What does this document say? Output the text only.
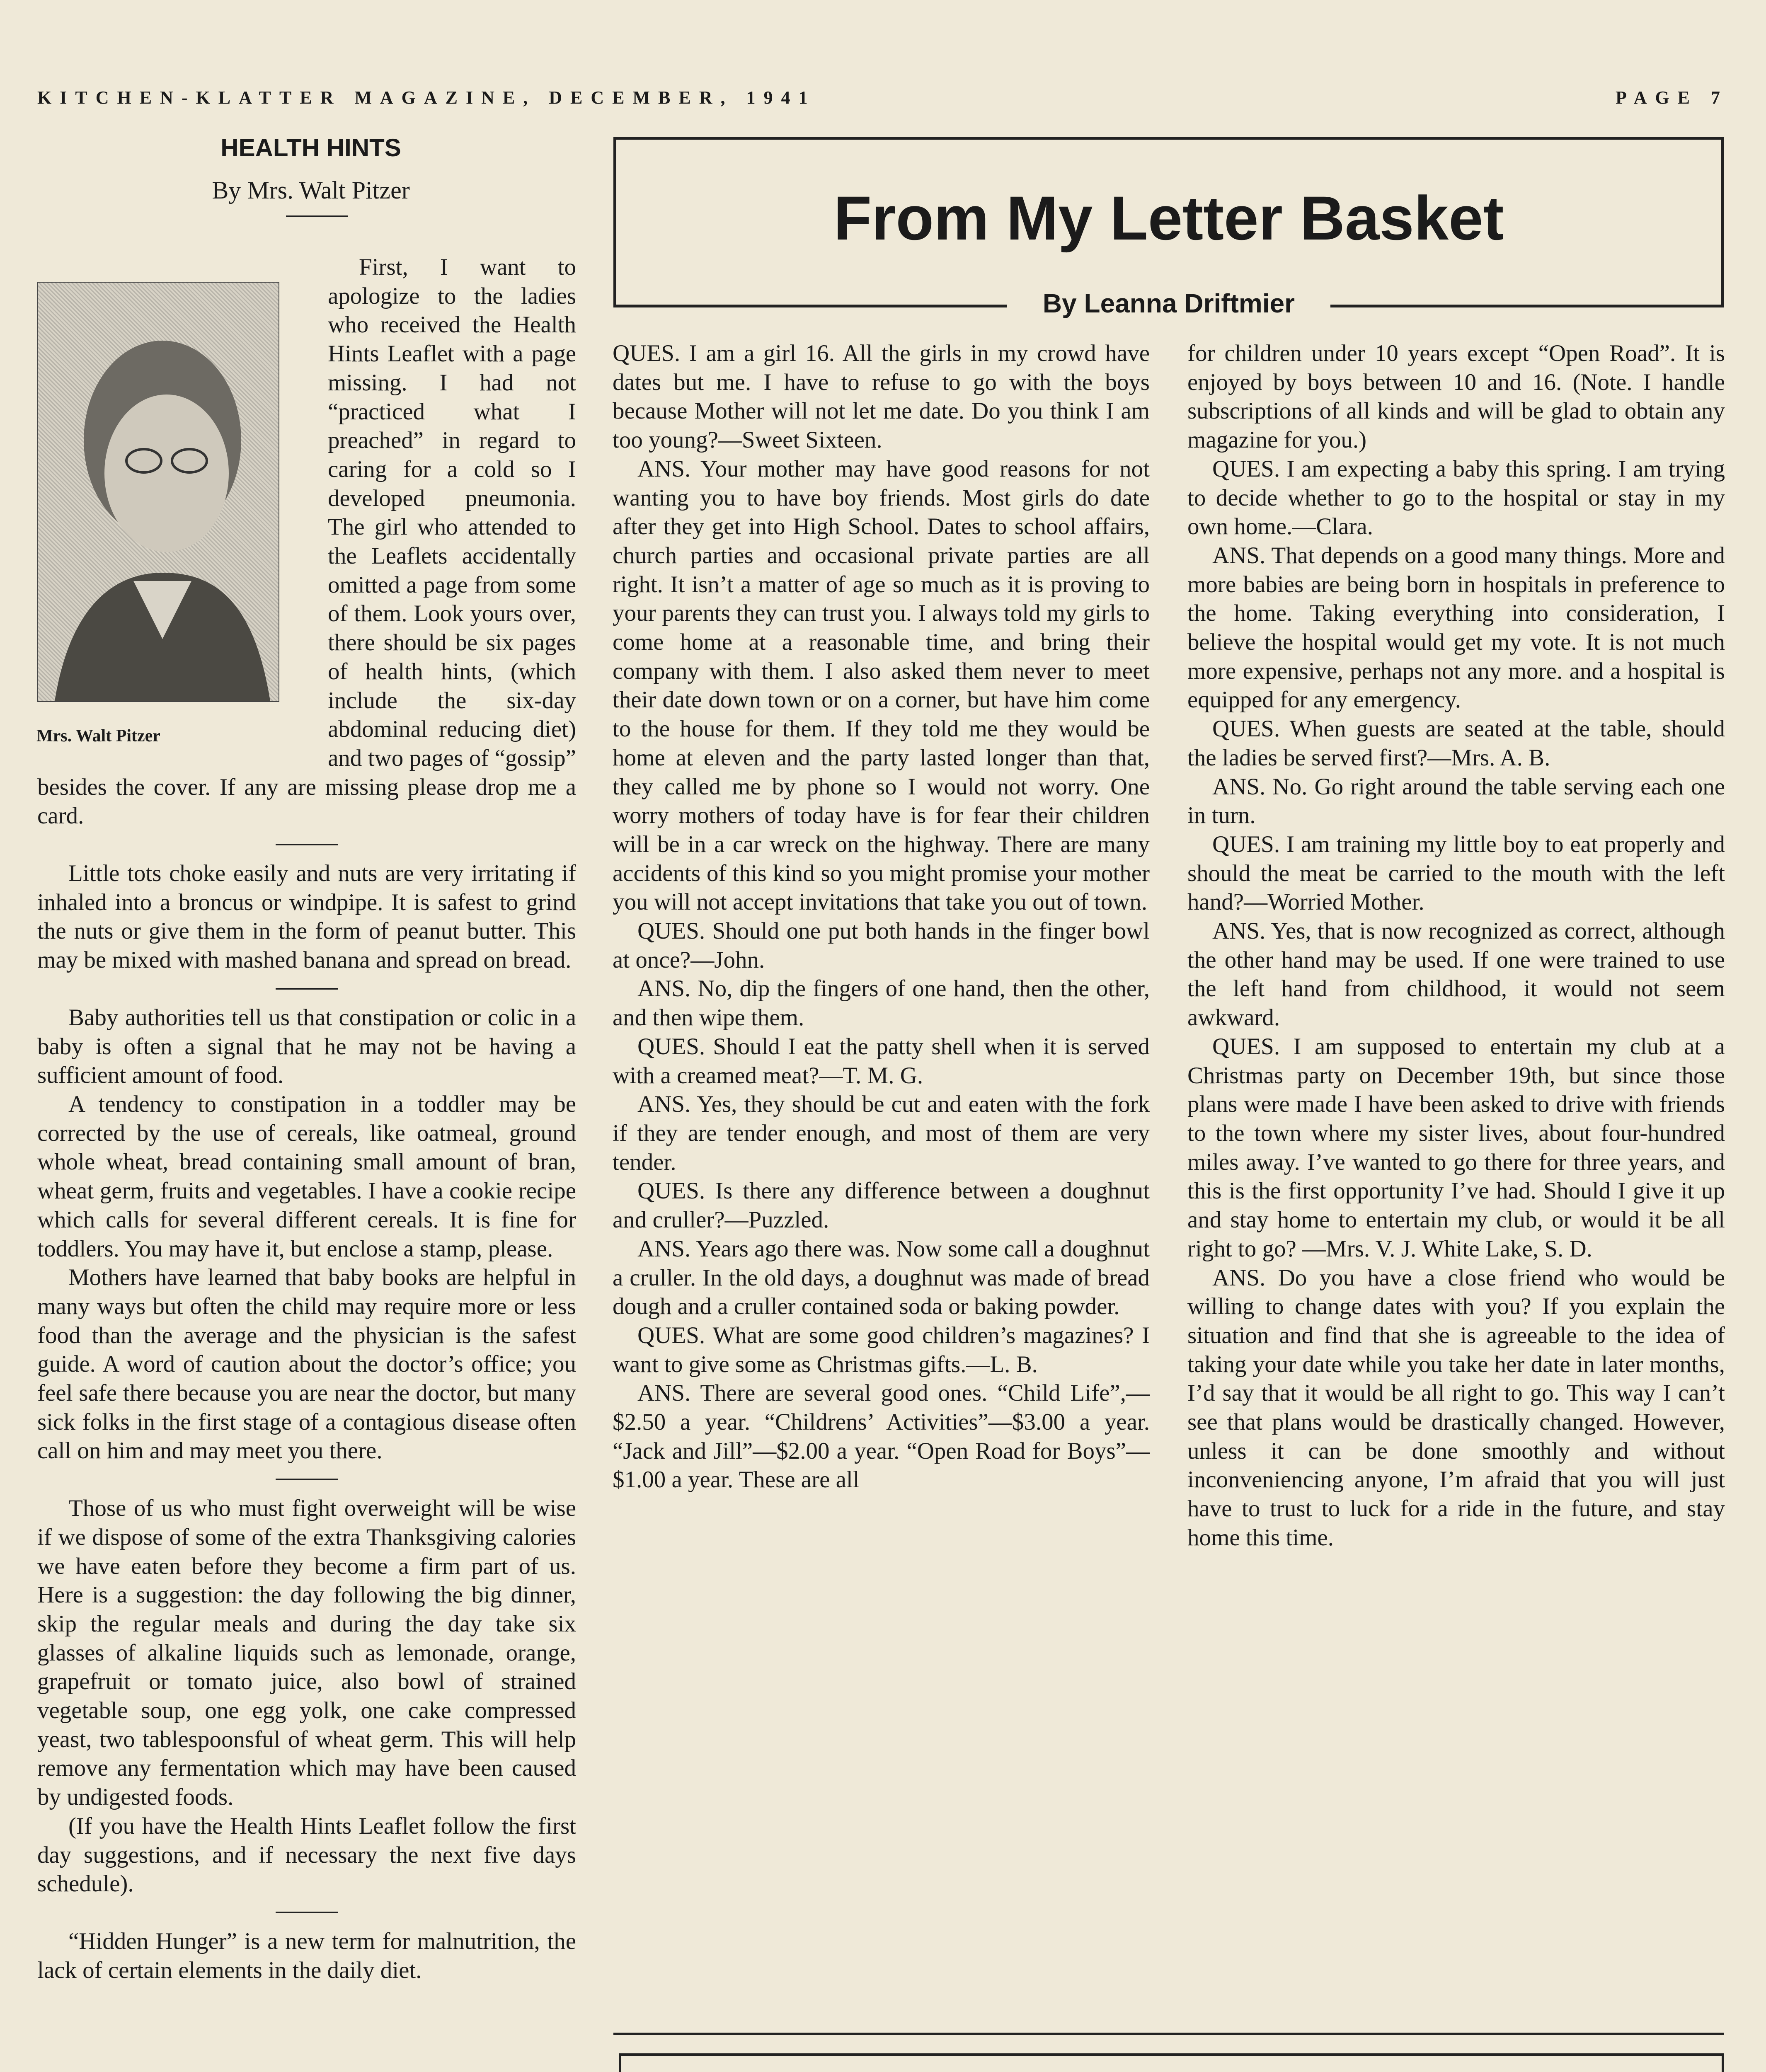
KITCHEN-KLATTER MAGAZINE, DECEMBER, 1941	PAGE 7
HEALTH HINTS
By Mrs. Walt Pitzer

Mrs. Walt Pitzer
First, I want to apologize to the ladies who received the Health Hints Leaflet with a page missing. I had not “practiced what I preached” in regard to caring for a cold so I developed pneumonia. The girl who attended to the Leaflets accidentally omitted a page from some of them. Look yours over, there should be six pages of health hints, (which include the six-day abdominal reducing diet) and two pages of “gossip” besides the cover. If any are missing please drop me a card.

Little tots choke easily and nuts are very irritating if inhaled into a broncus or windpipe. It is safest to grind the nuts or give them in the form of peanut butter. This may be mixed with mashed banana and spread on bread.

Baby authorities tell us that constipation or colic in a baby is often a signal that he may not be having a sufficient amount of food.

A tendency to constipation in a toddler may be corrected by the use of cereals, like oatmeal, ground whole wheat, bread containing small amount of bran, wheat germ, fruits and vegetables. I have a cookie recipe which calls for several different cereals. It is fine for toddlers. You may have it, but enclose a stamp, please.

Mothers have learned that baby books are helpful in many ways but often the child may require more or less food than the average and the physician is the safest guide. A word of caution about the doctor’s office; you feel safe there because you are near the doctor, but many sick folks in the first stage of a contagious disease often call on him and may meet you there.

Those of us who must fight overweight will be wise if we dispose of some of the extra Thanksgiving calories we have eaten before they become a firm part of us. Here is a suggestion: the day following the big dinner, skip the regular meals and during the day take six glasses of alkaline liquids such as lemonade, orange, grapefruit or tomato juice, also bowl of strained vegetable soup, one egg yolk, one cake compressed yeast, two tablespoonsful of wheat germ. This will help remove any fermentation which may have been caused by undigested foods.

(If you have the Health Hints Leaflet follow the first day suggestions, and if necessary the next five days schedule).

“Hidden Hunger” is a new term for malnutrition, the lack of certain elements in the daily diet.

From My Letter Basket
By Leanna Driftmier

QUES. I am a girl 16. All the girls in my crowd have dates but me. I have to refuse to go with the boys because Mother will not let me date. Do you think I am too young?—Sweet Sixteen.

ANS. Your mother may have good reasons for not wanting you to have boy friends. Most girls do date after they get into High School. Dates to school affairs, church parties and occasional private parties are all right. It isn’t a matter of age so much as it is proving to your parents they can trust you. I always told my girls to come home at a reasonable time, and bring their company with them. I also asked them never to meet their date down town or on a corner, but have him come to the house for them. If they told me they would be home at eleven and the party lasted longer than that, they called me by phone so I would not worry. One worry mothers of today have is for fear their children will be in a car wreck on the highway. There are many accidents of this kind so you might promise your mother you will not accept invitations that take you out of town.

QUES. Should one put both hands in the finger bowl at once?—John.

ANS. No, dip the fingers of one hand, then the other, and then wipe them.

QUES. Should I eat the patty shell when it is served with a creamed meat?—T. M. G.

ANS. Yes, they should be cut and eaten with the fork if they are tender enough, and most of them are very tender.

QUES. Is there any difference between a doughnut and cruller?—Puzzled.

ANS. Years ago there was. Now some call a doughnut a cruller. In the old days, a doughnut was made of bread dough and a cruller contained soda or baking powder.

QUES. What are some good children’s magazines? I want to give some as Christmas gifts.—L. B.

ANS. There are several good ones. “Child Life”,—$2.50 a year. “Childrens’ Activities”—$3.00 a year. “Jack and Jill”—$2.00 a year. “Open Road for Boys”—$1.00 a year. These are all

for children under 10 years except “Open Road”. It is enjoyed by boys between 10 and 16. (Note. I handle subscriptions of all kinds and will be glad to obtain any magazine for you.)

QUES. I am expecting a baby this spring. I am trying to decide whether to go to the hospital or stay in my own home.—Clara.

ANS. That depends on a good many things. More and more babies are being born in hospitals in preference to the home. Taking everything into consideration, I believe the hospital would get my vote. It is not much more expensive, perhaps not any more. and a hospital is equipped for any emergency.

QUES. When guests are seated at the table, should the ladies be served first?—Mrs. A. B.

ANS. No. Go right around the table serving each one in turn.

QUES. I am training my little boy to eat properly and should the meat be carried to the mouth with the left hand?—Worried Mother.

ANS. Yes, that is now recognized as correct, although the other hand may be used. If one were trained to use the left hand from childhood, it would not seem awkward.

QUES. I am supposed to entertain my club at a Christmas party on December 19th, but since those plans were made I have been asked to drive with friends to the town where my sister lives, about four-hundred miles away. I’ve wanted to go there for three years, and this is the first opportunity I’ve had. Should I give it up and stay home to entertain my club, or would it be all right to go? —Mrs. V. J. White Lake, S. D.

ANS. Do you have a close friend who would be willing to change dates with you? If you explain the situation and find that she is agreeable to the idea of taking your date while you take her date in later months, I’d say that it would be all right to go. This way I can’t see that plans would be drastically changed. However, unless it can be done smoothly and without inconveniencing anyone, I’m afraid that you will just have to trust to luck for a ride in the future, and stay home this time.
